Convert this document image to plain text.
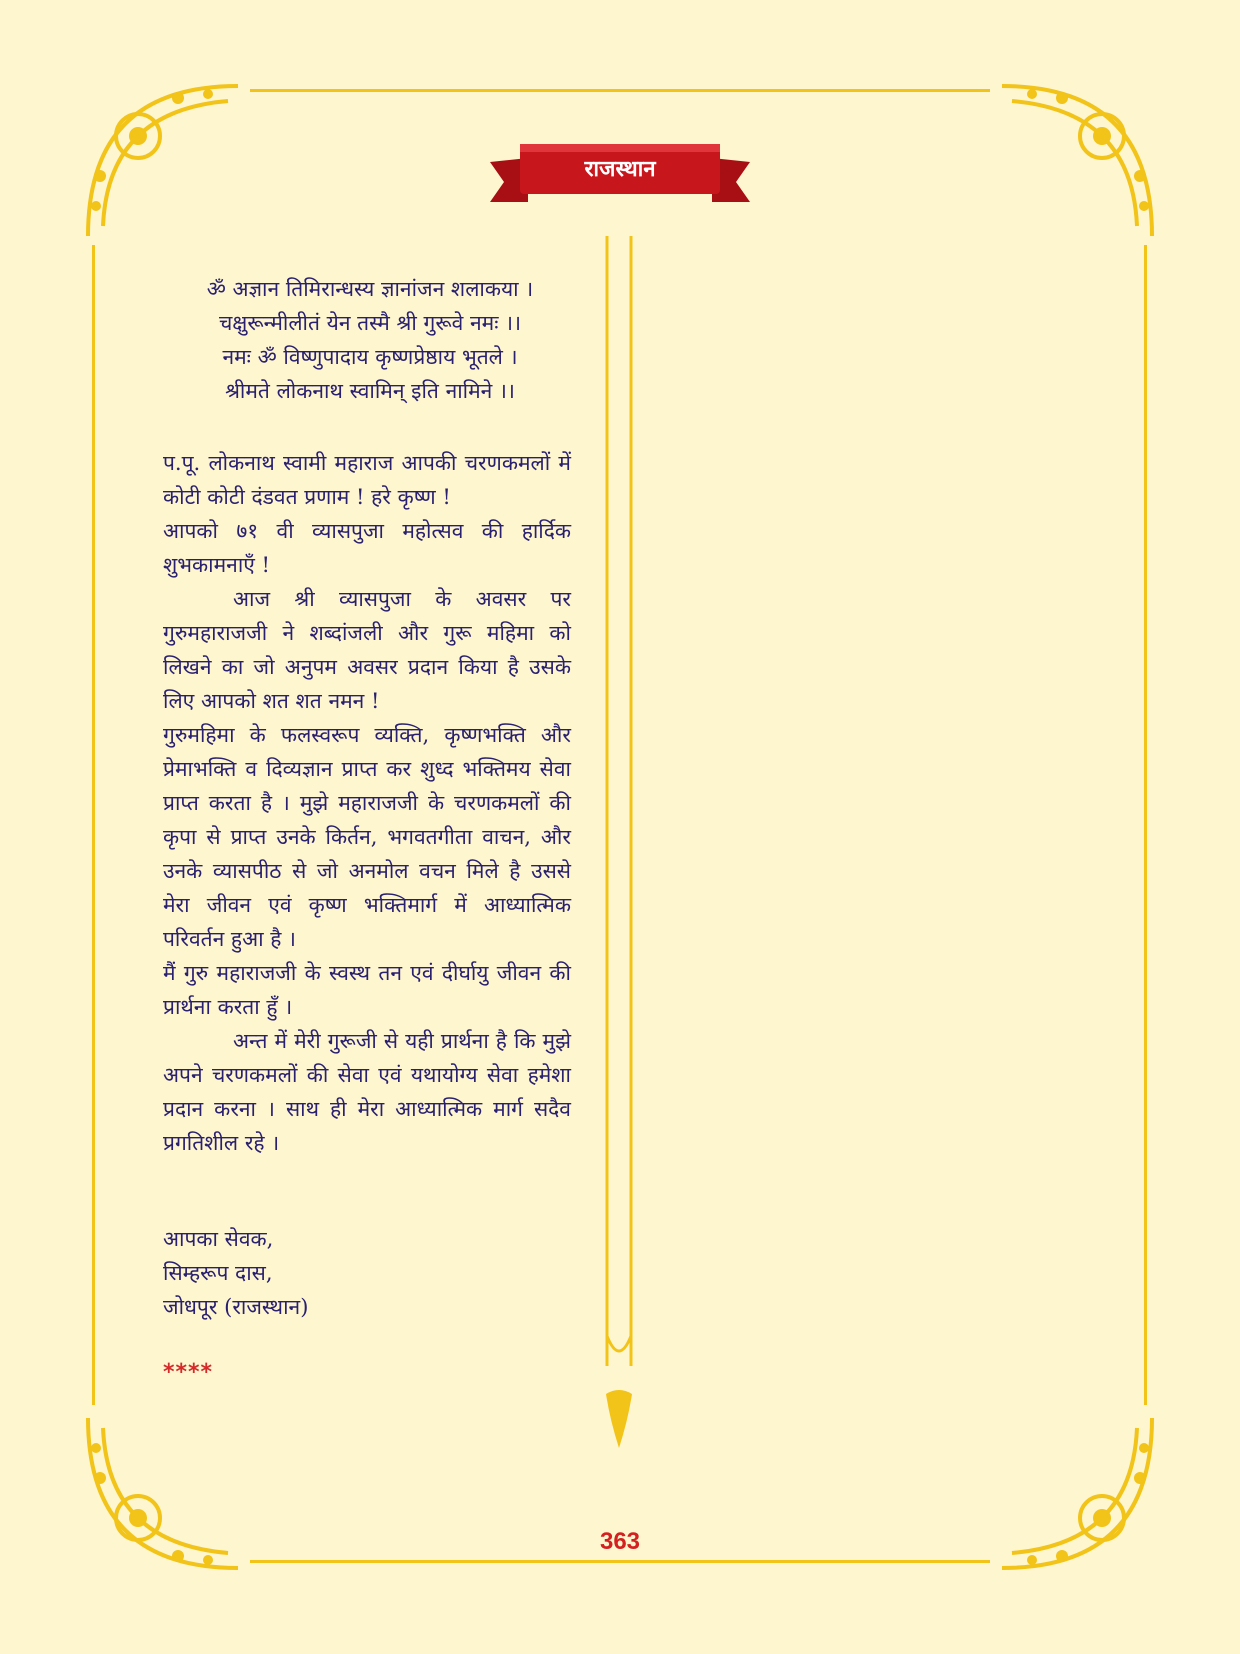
राजस्थान
ॐ अज्ञान तिमिरान्धस्य ज्ञानांजन शलाकया ।
चक्षुरून्मीलीतं येन तस्मै श्री गुरूवे नमः ।।
नमः ॐ विष्णुपादाय कृष्णप्रेष्ठाय भूतले ।
श्रीमते लोकनाथ स्वामिन् इति नामिने ।।

प.पू. लोकनाथ स्वामी महाराज आपकी चरणकमलों में कोटी कोटी दंडवत प्रणाम ! हरे कृष्ण !

आपको ७१ वी व्यासपुजा महोत्सव की हार्दिक शुभकामनाएँ !

आज श्री व्यासपुजा के अवसर पर गुरुमहाराजजी ने शब्दांजली और गुरू महिमा को लिखने का जो अनुपम अवसर प्रदान किया है उसके लिए आपको शत शत नमन !

गुरुमहिमा के फलस्वरूप व्यक्ति, कृष्णभक्ति और प्रेमाभक्ति व दिव्यज्ञान प्राप्त कर शुध्द भक्तिमय सेवा प्राप्त करता है । मुझे महाराजजी के चरणकमलों की कृपा से प्राप्त उनके किर्तन, भगवतगीता वाचन, और उनके व्यासपीठ से जो अनमोल वचन मिले है उससे मेरा जीवन एवं कृष्ण भक्तिमार्ग में आध्यात्मिक परिवर्तन हुआ है ।

मैं गुरु महाराजजी के स्वस्थ तन एवं दीर्घायु जीवन की प्रार्थना करता हुँ ।

अन्त में मेरी गुरूजी से यही प्रार्थना है कि मुझे अपने चरणकमलों की सेवा एवं यथायोग्य सेवा हमेशा प्रदान करना । साथ ही मेरा आध्यात्मिक मार्ग सदैव प्रगतिशील रहे ।

आपका सेवक,
सिम्हरूप दास,
जोधपूर (राजस्थान)
****
363
